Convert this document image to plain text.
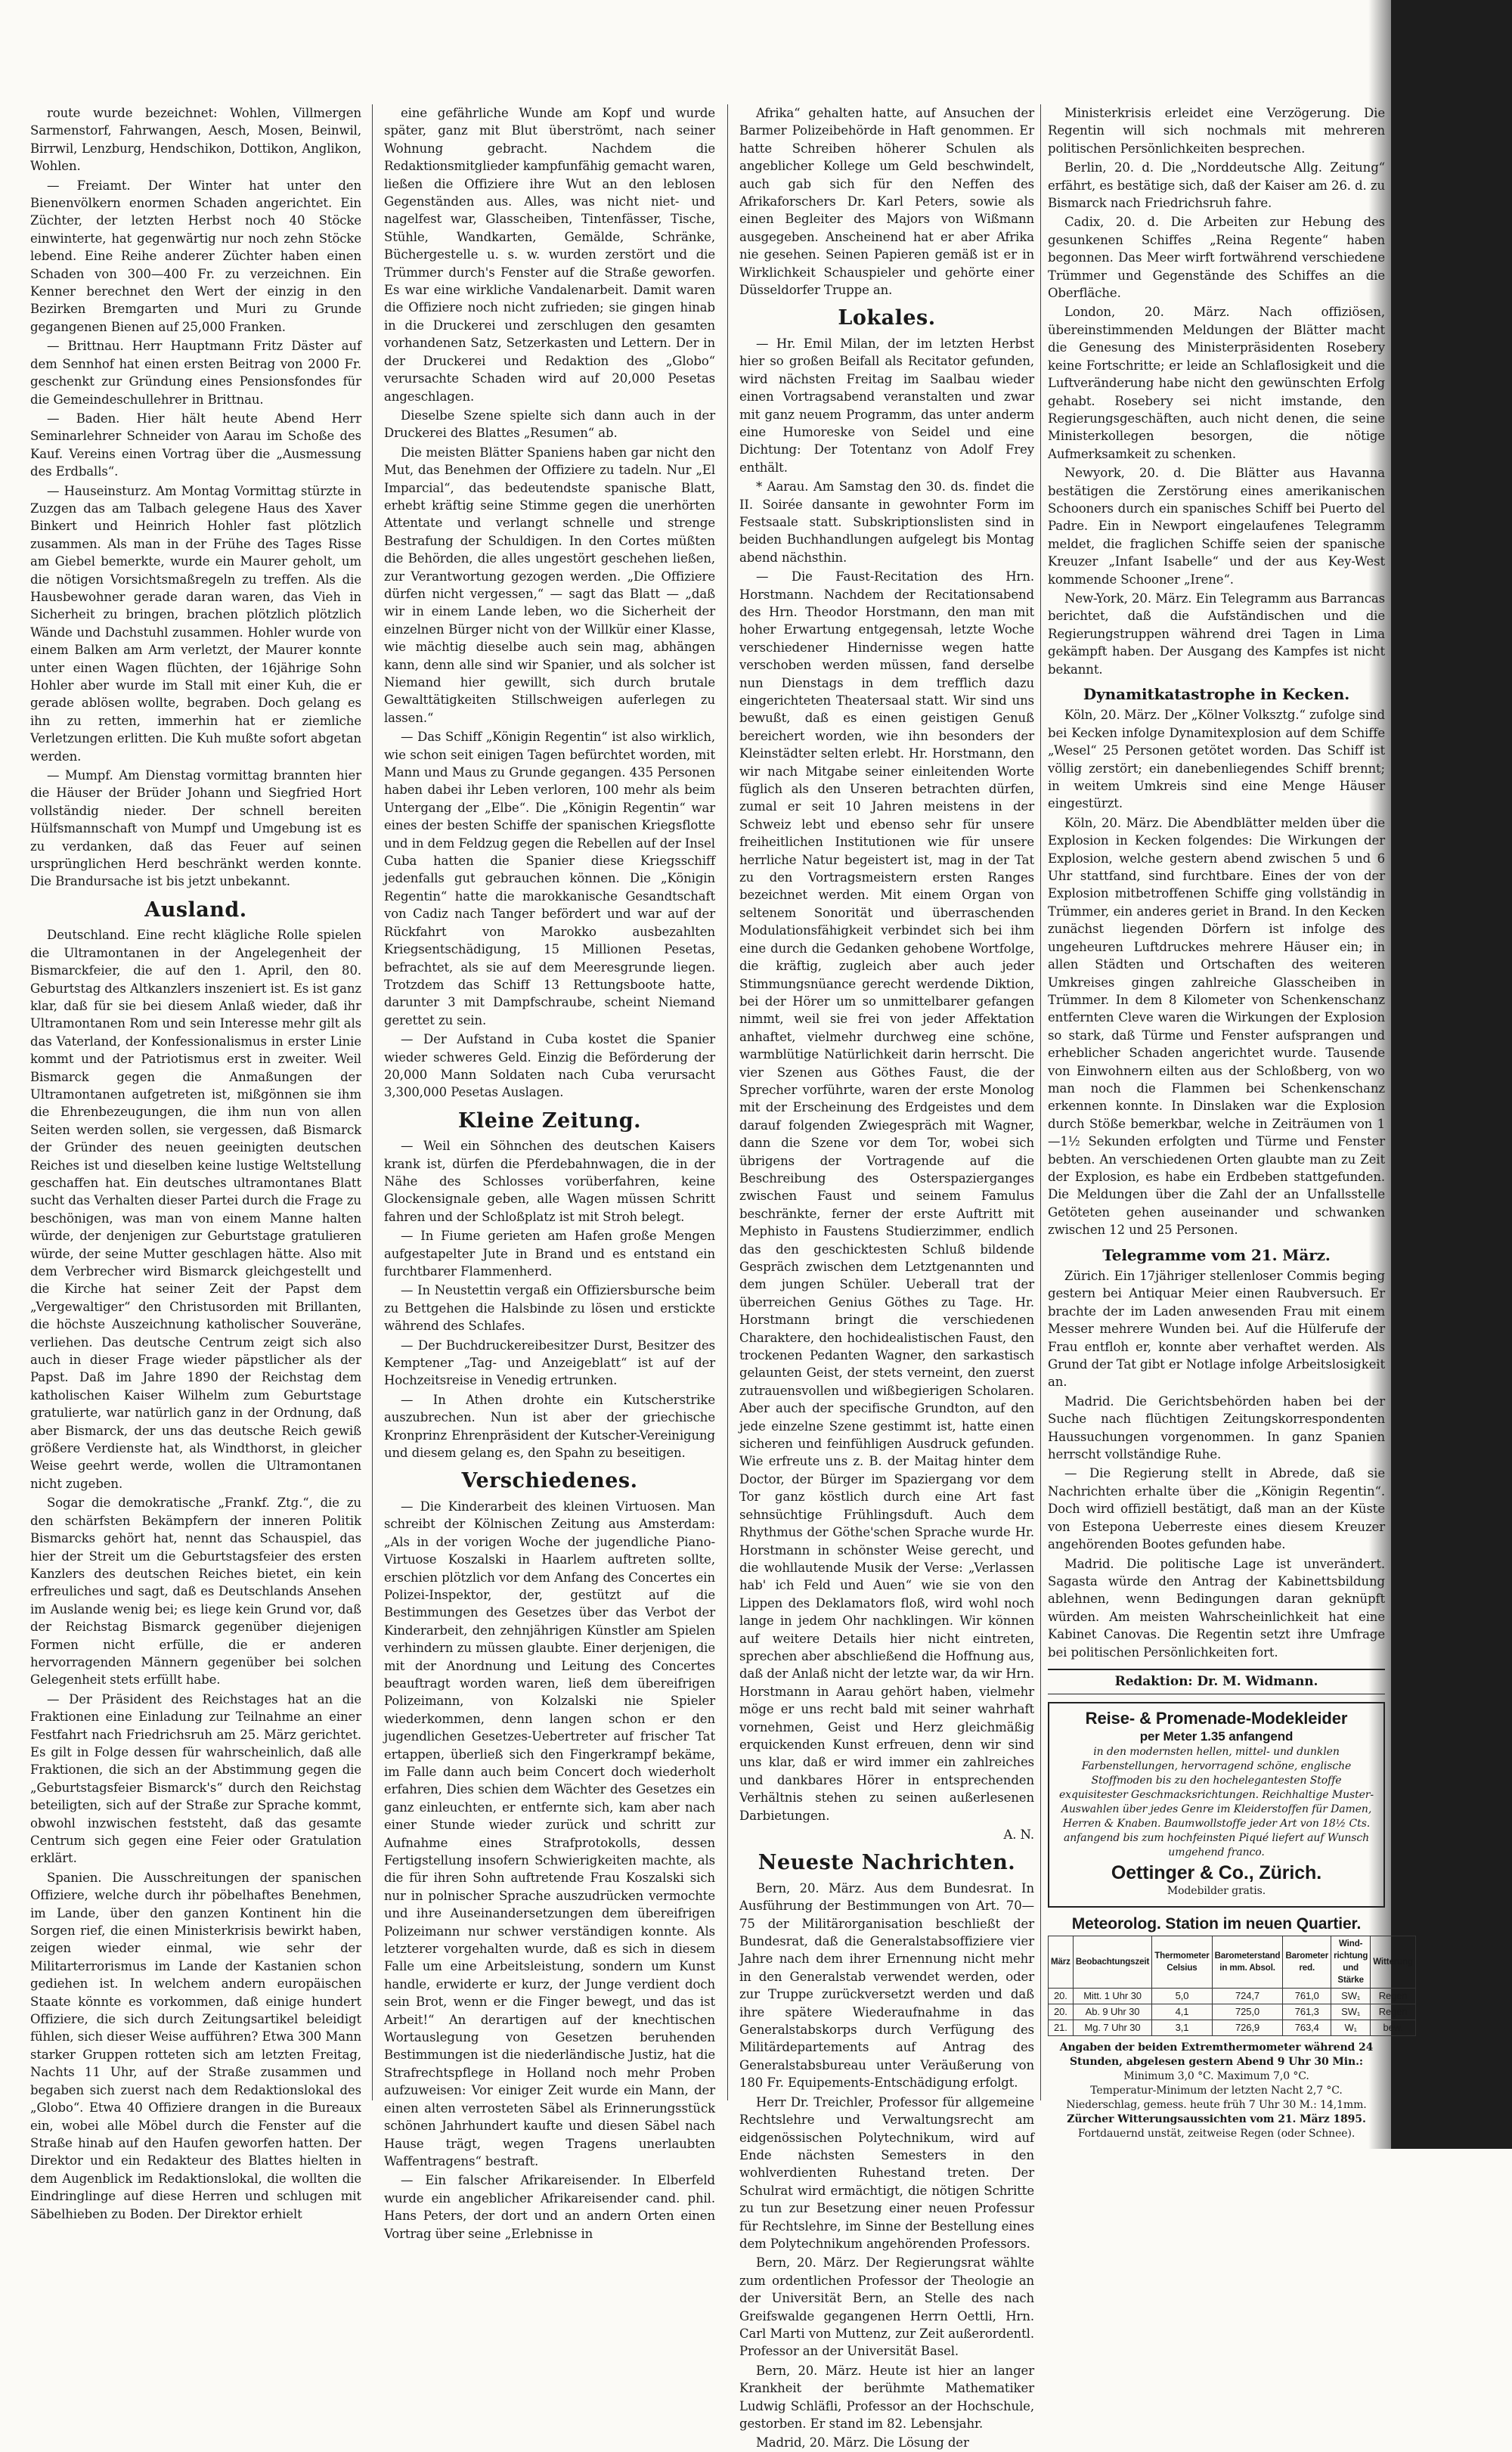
route wurde bezeichnet: Wohlen, Villmergen Sarmenstorf, Fahrwangen, Aesch, Mosen, Beinwil, Birrwil, Lenzburg, Hendschikon, Dottikon, Anglikon, Wohlen.

— Freiamt. Der Winter hat unter den Bienenvölkern enormen Schaden angerichtet. Ein Züchter, der letzten Herbst noch 40 Stöcke einwinterte, hat gegenwärtig nur noch zehn Stöcke lebend. Eine Reihe anderer Züchter haben einen Schaden von 300—400 Fr. zu verzeichnen. Ein Kenner berechnet den Wert der einzig in den Bezirken Bremgarten und Muri zu Grunde gegangenen Bienen auf 25,000 Franken.

— Brittnau. Herr Hauptmann Fritz Däster auf dem Sennhof hat einen ersten Beitrag von 2000 Fr. geschenkt zur Gründung eines Pensionsfondes für die Gemeindeschullehrer in Brittnau.

— Baden. Hier hält heute Abend Herr Seminarlehrer Schneider von Aarau im Schoße des Kauf. Vereins einen Vortrag über die „Ausmessung des Erdballs“.

— Hauseinsturz. Am Montag Vormittag stürzte in Zuzgen das am Talbach gelegene Haus des Xaver Binkert und Heinrich Hohler fast plötzlich zusammen. Als man in der Frühe des Tages Risse am Giebel bemerkte, wurde ein Maurer geholt, um die nötigen Vorsichtsmaßregeln zu treffen. Als die Hausbewohner gerade daran waren, das Vieh in Sicherheit zu bringen, brachen plötzlich plötzlich Wände und Dachstuhl zusammen. Hohler wurde von einem Balken am Arm verletzt, der Maurer konnte unter einen Wagen flüchten, der 16jährige Sohn Hohler aber wurde im Stall mit einer Kuh, die er gerade ablösen wollte, begraben. Doch gelang es ihn zu retten, immerhin hat er ziemliche Verletzungen erlitten. Die Kuh mußte sofort abgetan werden.

— Mumpf. Am Dienstag vormittag brannten hier die Häuser der Brüder Johann und Siegfried Hort vollständig nieder. Der schnell bereiten Hülfsmannschaft von Mumpf und Umgebung ist es zu verdanken, daß das Feuer auf seinen ursprünglichen Herd beschränkt werden konnte. Die Brandursache ist bis jetzt unbekannt.

Ausland.

Deutschland. Eine recht klägliche Rolle spielen die Ultramontanen in der Angelegenheit der Bismarckfeier, die auf den 1. April, den 80. Geburtstag des Altkanzlers inszeniert ist. Es ist ganz klar, daß für sie bei diesem Anlaß wieder, daß ihr Ultramontanen Rom und sein Interesse mehr gilt als das Vaterland, der Konfessionalismus in erster Linie kommt und der Patriotismus erst in zweiter. Weil Bismarck gegen die Anmaßungen der Ultramontanen aufgetreten ist, mißgönnen sie ihm die Ehrenbezeugungen, die ihm nun von allen Seiten werden sollen, sie vergessen, daß Bismarck der Gründer des neuen geeinigten deutschen Reiches ist und dieselben keine lustige Weltstellung geschaffen hat. Ein deutsches ultramontanes Blatt sucht das Verhalten dieser Partei durch die Frage zu beschönigen, was man von einem Manne halten würde, der denjenigen zur Geburtstage gratulieren würde, der seine Mutter geschlagen hätte. Also mit dem Verbrecher wird Bismarck gleichgestellt und die Kirche hat seiner Zeit der Papst dem „Vergewaltiger“ den Christusorden mit Brillanten, die höchste Auszeichnung katholischer Souveräne, verliehen. Das deutsche Centrum zeigt sich also auch in dieser Frage wieder päpstlicher als der Papst. Daß im Jahre 1890 der Reichstag dem katholischen Kaiser Wilhelm zum Geburtstage gratulierte, war natürlich ganz in der Ordnung, daß aber Bismarck, der uns das deutsche Reich gewiß größere Verdienste hat, als Windthorst, in gleicher Weise geehrt werde, wollen die Ultramontanen nicht zugeben.

Sogar die demokratische „Frankf. Ztg.“, die zu den schärfsten Bekämpfern der inneren Politik Bismarcks gehört hat, nennt das Schauspiel, das hier der Streit um die Geburtstagsfeier des ersten Kanzlers des deutschen Reiches bietet, ein kein erfreuliches und sagt, daß es Deutschlands Ansehen im Auslande wenig bei; es liege kein Grund vor, daß der Reichstag Bismarck gegenüber diejenigen Formen nicht erfülle, die er anderen hervorragenden Männern gegenüber bei solchen Gelegenheit stets erfüllt habe.

— Der Präsident des Reichstages hat an die Fraktionen eine Einladung zur Teilnahme an einer Festfahrt nach Friedrichsruh am 25. März gerichtet. Es gilt in Folge dessen für wahrscheinlich, daß alle Fraktionen, die sich an der Abstimmung gegen die „Geburtstagsfeier Bismarck's“ durch den Reichstag beteiligten, sich auf der Straße zur Sprache kommt, obwohl inzwischen feststeht, daß das gesamte Centrum sich gegen eine Feier oder Gratulation erklärt.

Spanien. Die Ausschreitungen der spanischen Offiziere, welche durch ihr pöbelhaftes Benehmen, im Lande, über den ganzen Kontinent hin die Sorgen rief, die einen Ministerkrisis bewirkt haben, zeigen wieder einmal, wie sehr der Militarterrorismus im Lande der Kastanien schon gediehen ist. In welchem andern europäischen Staate könnte es vorkommen, daß einige hundert Offiziere, die sich durch Zeitungsartikel beleidigt fühlen, sich dieser Weise aufführen? Etwa 300 Mann starker Gruppen rotteten sich am letzten Freitag, Nachts 11 Uhr, auf der Straße zusammen und begaben sich zuerst nach dem Redaktionslokal des „Globo“. Etwa 40 Offiziere drangen in die Bureaux ein, wobei alle Möbel durch die Fenster auf die Straße hinab auf den Haufen geworfen hatten. Der Direktor und ein Redakteur des Blattes hielten in dem Augenblick im Redaktionslokal, die wollten die Eindringlinge auf diese Herren und schlugen mit Säbelhieben zu Boden. Der Direktor erhielt

eine gefährliche Wunde am Kopf und wurde später, ganz mit Blut überströmt, nach seiner Wohnung gebracht. Nachdem die Redaktionsmitglieder kampfunfähig gemacht waren, ließen die Offiziere ihre Wut an den leblosen Gegenständen aus. Alles, was nicht niet- und nagelfest war, Glasscheiben, Tintenfässer, Tische, Stühle, Wandkarten, Gemälde, Schränke, Büchergestelle u. s. w. wurden zerstört und die Trümmer durch's Fenster auf die Straße geworfen. Es war eine wirkliche Vandalenarbeit. Damit waren die Offiziere noch nicht zufrieden; sie gingen hinab in die Druckerei und zerschlugen den gesamten vorhandenen Satz, Setzerkasten und Lettern. Der in der Druckerei und Redaktion des „Globo“ verursachte Schaden wird auf 20,000 Pesetas angeschlagen.

Dieselbe Szene spielte sich dann auch in der Druckerei des Blattes „Resumen“ ab.

Die meisten Blätter Spaniens haben gar nicht den Mut, das Benehmen der Offiziere zu tadeln. Nur „El Imparcial“, das bedeutendste spanische Blatt, erhebt kräftig seine Stimme gegen die unerhörten Attentate und verlangt schnelle und strenge Bestrafung der Schuldigen. In den Cortes müßten die Behörden, die alles ungestört geschehen ließen, zur Verantwortung gezogen werden. „Die Offiziere dürfen nicht vergessen,“ — sagt das Blatt — „daß wir in einem Lande leben, wo die Sicherheit der einzelnen Bürger nicht von der Willkür einer Klasse, wie mächtig dieselbe auch sein mag, abhängen kann, denn alle sind wir Spanier, und als solcher ist Niemand hier gewillt, sich durch brutale Gewalttätigkeiten Stillschweigen auferlegen zu lassen.“

— Das Schiff „Königin Regentin“ ist also wirklich, wie schon seit einigen Tagen befürchtet worden, mit Mann und Maus zu Grunde gegangen. 435 Personen haben dabei ihr Leben verloren, 100 mehr als beim Untergang der „Elbe“. Die „Königin Regentin“ war eines der besten Schiffe der spanischen Kriegsflotte und in dem Feldzug gegen die Rebellen auf der Insel Cuba hatten die Spanier diese Kriegsschiff jedenfalls gut gebrauchen können. Die „Königin Regentin“ hatte die marokkanische Gesandtschaft von Cadiz nach Tanger befördert und war auf der Rückfahrt von Marokko ausbezahlten Kriegsentschädigung, 15 Millionen Pesetas, befrachtet, als sie auf dem Meeresgrunde liegen. Trotzdem das Schiff 13 Rettungsboote hatte, darunter 3 mit Dampfschraube, scheint Niemand gerettet zu sein.

— Der Aufstand in Cuba kostet die Spanier wieder schweres Geld. Einzig die Beförderung der 20,000 Mann Soldaten nach Cuba verursacht 3,300,000 Pesetas Auslagen.

Kleine Zeitung.

— Weil ein Söhnchen des deutschen Kaisers krank ist, dürfen die Pferdebahnwagen, die in der Nähe des Schlosses vorüberfahren, keine Glockensignale geben, alle Wagen müssen Schritt fahren und der Schloßplatz ist mit Stroh belegt.

— In Fiume gerieten am Hafen große Mengen aufgestapelter Jute in Brand und es entstand ein furchtbarer Flammenherd.

— In Neustettin vergaß ein Offiziersbursche beim zu Bettgehen die Halsbinde zu lösen und erstickte während des Schlafes.

— Der Buchdruckereibesitzer Durst, Besitzer des Kemptener „Tag- und Anzeigeblatt“ ist auf der Hochzeitsreise in Venedig ertrunken.

— In Athen drohte ein Kutscherstrike auszubrechen. Nun ist aber der griechische Kronprinz Ehrenpräsident der Kutscher-Vereinigung und diesem gelang es, den Spahn zu beseitigen.

Verschiedenes.

— Die Kinderarbeit des kleinen Virtuosen. Man schreibt der Kölnischen Zeitung aus Amsterdam: „Als in der vorigen Woche der jugendliche Piano-Virtuose Koszalski in Haarlem auftreten sollte, erschien plötzlich vor dem Anfang des Concertes ein Polizei-Inspektor, der, gestützt auf die Bestimmungen des Gesetzes über das Verbot der Kinderarbeit, den zehnjährigen Künstler am Spielen verhindern zu müssen glaubte. Einer derjenigen, die mit der Anordnung und Leitung des Concertes beauftragt worden waren, ließ dem übereifrigen Polizeimann, von Kolzalski nie Spieler wiederkommen, denn langen schon er den jugendlichen Gesetzes-Uebertreter auf frischer Tat ertappen, überließ sich den Fingerkrampf bekäme, im Falle dann auch beim Concert doch wiederholt erfahren, Dies schien dem Wächter des Gesetzes ein ganz einleuchten, er entfernte sich, kam aber nach einer Stunde wieder zurück und schritt zur Aufnahme eines Strafprotokolls, dessen Fertigstellung insofern Schwierigkeiten machte, als die für ihren Sohn auftretende Frau Koszalski sich nur in polnischer Sprache auszudrücken vermochte und ihre Auseinandersetzungen dem übereifrigen Polizeimann nur schwer verständigen konnte. Als letzterer vorgehalten wurde, daß es sich in diesem Falle um eine Arbeitsleistung, sondern um Kunst handle, erwiderte er kurz, der Junge verdient doch sein Brot, wenn er die Finger bewegt, und das ist Arbeit!“ An derartigen auf der knechtischen Wortauslegung von Gesetzen beruhenden Bestimmungen ist die niederländische Justiz, hat die Strafrechtspflege in Holland noch mehr Proben aufzuweisen: Vor einiger Zeit wurde ein Mann, der einen alten verrosteten Säbel als Erinnerungsstück schönen Jahrhundert kaufte und diesen Säbel nach Hause trägt, wegen Tragens unerlaubten Waffentragens“ bestraft.

— Ein falscher Afrikareisender. In Elberfeld wurde ein angeblicher Afrikareisender cand. phil. Hans Peters, der dort und an andern Orten einen Vortrag über seine „Erlebnisse in

Afrika“ gehalten hatte, auf Ansuchen der Barmer Polizeibehörde in Haft genommen. Er hatte Schreiben höherer Schulen als angeblicher Kollege um Geld beschwindelt, auch gab sich für den Neffen des Afrikaforschers Dr. Karl Peters, sowie als einen Begleiter des Majors von Wißmann ausgegeben. Anscheinend hat er aber Afrika nie gesehen. Seinen Papieren gemäß ist er in Wirklichkeit Schauspieler und gehörte einer Düsseldorfer Truppe an.

Lokales.

— Hr. Emil Milan, der im letzten Herbst hier so großen Beifall als Recitator gefunden, wird nächsten Freitag im Saalbau wieder einen Vortragsabend veranstalten und zwar mit ganz neuem Programm, das unter anderm eine Humoreske von Seidel und eine Dichtung: Der Totentanz von Adolf Frey enthält.

* Aarau. Am Samstag den 30. ds. findet die II. Soirée dansante in gewohnter Form im Festsaale statt. Subskriptionslisten sind in beiden Buchhandlungen aufgelegt bis Montag abend nächsthin.

— Die Faust-Recitation des Hrn. Horstmann. Nachdem der Recitationsabend des Hrn. Theodor Horstmann, den man mit hoher Erwartung entgegensah, letzte Woche verschiedener Hindernisse wegen hatte verschoben werden müssen, fand derselbe nun Dienstags in dem trefflich dazu eingerichteten Theatersaal statt. Wir sind uns bewußt, daß es einen geistigen Genuß bereichert worden, wie ihn besonders der Kleinstädter selten erlebt. Hr. Horstmann, den wir nach Mitgabe seiner einleitenden Worte füglich als den Unseren betrachten dürfen, zumal er seit 10 Jahren meistens in der Schweiz lebt und ebenso sehr für unsere freiheitlichen Institutionen wie für unsere herrliche Natur begeistert ist, mag in der Tat zu den Vortragsmeistern ersten Ranges bezeichnet werden. Mit einem Organ von seltenem Sonorität und überraschenden Modulationsfähigkeit verbindet sich bei ihm eine durch die Gedanken gehobene Wortfolge, die kräftig, zugleich aber auch jeder Stimmungsnüance gerecht werdende Diktion, bei der Hörer um so unmittelbarer gefangen nimmt, weil sie frei von jeder Affektation anhaftet, vielmehr durchweg eine schöne, warmblütige Natürlichkeit darin herrscht. Die vier Szenen aus Göthes Faust, die der Sprecher vorführte, waren der erste Monolog mit der Erscheinung des Erdgeistes und dem darauf folgenden Zwiegespräch mit Wagner, dann die Szene vor dem Tor, wobei sich übrigens der Vortragende auf die Beschreibung des Osterspazierganges zwischen Faust und seinem Famulus beschränkte, ferner der erste Auftritt mit Mephisto in Faustens Studierzimmer, endlich das den geschicktesten Schluß bildende Gespräch zwischen dem Letztgenannten und dem jungen Schüler. Ueberall trat der überreichen Genius Göthes zu Tage. Hr. Horstmann bringt die verschiedenen Charaktere, den hochidealistischen Faust, den trockenen Pedanten Wagner, den sarkastisch gelaunten Geist, der stets verneint, den zuerst zutrauensvollen und wißbegierigen Scholaren. Aber auch der specifische Grundton, auf den jede einzelne Szene gestimmt ist, hatte einen sicheren und feinfühligen Ausdruck gefunden. Wie erfreute uns z. B. der Maitag hinter dem Doctor, der Bürger im Spaziergang vor dem Tor ganz köstlich durch eine Art fast sehnsüchtige Frühlingsduft. Auch dem Rhythmus der Göthe'schen Sprache wurde Hr. Horstmann in schönster Weise gerecht, und die wohllautende Musik der Verse: „Verlassen hab' ich Feld und Auen“ wie sie von den Lippen des Deklamators floß, wird wohl noch lange in jedem Ohr nachklingen. Wir können auf weitere Details hier nicht eintreten, sprechen aber abschließend die Hoffnung aus, daß der Anlaß nicht der letzte war, da wir Hrn. Horstmann in Aarau gehört haben, vielmehr möge er uns recht bald mit seiner wahrhaft vornehmen, Geist und Herz gleichmäßig erquickenden Kunst erfreuen, denn wir sind uns klar, daß er wird immer ein zahlreiches und dankbares Hörer in entsprechenden Verhältnis stehen zu seinen außerlesenen Darbietungen.

A. N.

Neueste Nachrichten.

Bern, 20. März. Aus dem Bundesrat. In Ausführung der Bestimmungen von Art. 70—75 der Militärorganisation beschließt der Bundesrat, daß die Generalstabsoffiziere vier Jahre nach dem ihrer Ernennung nicht mehr in den Generalstab verwendet werden, oder zur Truppe zurückversetzt werden und daß ihre spätere Wiederaufnahme in das Generalstabskorps durch Verfügung des Militärdepartements auf Antrag des Generalstabsbureau unter Veräußerung von 180 Fr. Equipements-Entschädigung erfolgt.

Herr Dr. Treichler, Professor für allgemeine Rechtslehre und Verwaltungsrecht am eidgenössischen Polytechnikum, wird auf Ende nächsten Semesters in den wohlverdienten Ruhestand treten. Der Schulrat wird ermächtigt, die nötigen Schritte zu tun zur Besetzung einer neuen Professur für Rechtslehre, im Sinne der Bestellung eines dem Polytechnikum angehörenden Professors.

Bern, 20. März. Der Regierungsrat wählte zum ordentlichen Professor der Theologie an der Universität Bern, an Stelle des nach Greifswalde gegangenen Herrn Oettli, Hrn. Carl Marti von Muttenz, zur Zeit außerordentl. Professor an der Universität Basel.

Bern, 20. März. Heute ist hier an langer Krankheit der berühmte Mathematiker Ludwig Schläfli, Professor an der Hochschule, gestorben. Er stand im 82. Lebensjahr.

Madrid, 20. März. Die Lösung der

Ministerkrisis erleidet eine Verzögerung. Die Regentin will sich nochmals mit mehreren politischen Persönlichkeiten besprechen.

Berlin, 20. d. Die „Norddeutsche Allg. Zeitung“ erfährt, es bestätige sich, daß der Kaiser am 26. d. zu Bismarck nach Friedrichsruh fahre.

Cadix, 20. d. Die Arbeiten zur Hebung des gesunkenen Schiffes „Reina Regente“ haben begonnen. Das Meer wirft fortwährend verschiedene Trümmer und Gegenstände des Schiffes an die Oberfläche.

London, 20. März. Nach offiziösen, übereinstimmenden Meldungen der Blätter macht die Genesung des Ministerpräsidenten Rosebery keine Fortschritte; er leide an Schlaflosigkeit und die Luftveränderung habe nicht den gewünschten Erfolg gehabt. Rosebery sei nicht imstande, den Regierungsgeschäften, auch nicht denen, die seine Ministerkollegen besorgen, die nötige Aufmerksamkeit zu schenken.

Newyork, 20. d. Die Blätter aus Havanna bestätigen die Zerstörung eines amerikanischen Schooners durch ein spanisches Schiff bei Puerto del Padre. Ein in Newport eingelaufenes Telegramm meldet, die fraglichen Schiffe seien der spanische Kreuzer „Infant Isabelle“ und der aus Key-West kommende Schooner „Irene“.

New-York, 20. März. Ein Telegramm aus Barrancas berichtet, daß die Aufständischen und die Regierungstruppen während drei Tagen in Lima gekämpft haben. Der Ausgang des Kampfes ist nicht bekannt.

Dynamitkatastrophe in Kecken.

Köln, 20. März. Der „Kölner Volksztg.“ zufolge sind bei Kecken infolge Dynamitexplosion auf dem Schiffe „Wesel“ 25 Personen getötet worden. Das Schiff ist völlig zerstört; ein danebenliegendes Schiff brennt; in weitem Umkreis sind eine Menge Häuser eingestürzt.

Köln, 20. März. Die Abendblätter melden über die Explosion in Kecken folgendes: Die Wirkungen der Explosion, welche gestern abend zwischen 5 und 6 Uhr stattfand, sind furchtbare. Eines der von der Explosion mitbetroffenen Schiffe ging vollständig in Trümmer, ein anderes geriet in Brand. In den Kecken zunächst liegenden Dörfern ist infolge des ungeheuren Luftdruckes mehrere Häuser ein; in allen Städten und Ortschaften des weiteren Umkreises gingen zahlreiche Glasscheiben in Trümmer. In dem 8 Kilometer von Schenkenschanz entfernten Cleve waren die Wirkungen der Explosion so stark, daß Türme und Fenster aufsprangen und erheblicher Schaden angerichtet wurde. Tausende von Einwohnern eilten aus der Schloßberg, von wo man noch die Flammen bei Schenkenschanz erkennen konnte. In Dinslaken war die Explosion durch Stöße bemerkbar, welche in Zeiträumen von 1—1½ Sekunden erfolgten und Türme und Fenster bebten. An verschiedenen Orten glaubte man zu Zeit der Explosion, es habe ein Erdbeben stattgefunden. Die Meldungen über die Zahl der an Unfallsstelle Getöteten gehen auseinander und schwanken zwischen 12 und 25 Personen.

Telegramme vom 21. März.

Zürich. Ein 17jähriger stellenloser Commis beging gestern bei Antiquar Meier einen Raubversuch. Er brachte der im Laden anwesenden Frau mit einem Messer mehrere Wunden bei. Auf die Hülferufe der Frau entfloh er, konnte aber verhaftet werden. Als Grund der Tat gibt er Notlage infolge Arbeitslosigkeit an.

Madrid. Die Gerichtsbehörden haben bei der Suche nach flüchtigen Zeitungskorrespondenten Haussuchungen vorgenommen. In ganz Spanien herrscht vollständige Ruhe.

— Die Regierung stellt in Abrede, daß sie Nachrichten erhalte über die „Königin Regentin“. Doch wird offiziell bestätigt, daß man an der Küste von Estepona Ueberreste eines diesem Kreuzer angehörenden Bootes gefunden habe.

Madrid. Die politische Lage ist unverändert. Sagasta würde den Antrag der Kabinettsbildung ablehnen, wenn Bedingungen daran geknüpft würden. Am meisten Wahrscheinlichkeit hat eine Kabinet Canovas. Die Regentin setzt ihre Umfrage bei politischen Persönlichkeiten fort.

Redaktion: Dr. M. Widmann.
Reise- & Promenade-Modekleider
per Meter 1.35 anfangend
in den modernsten hellen, mittel- und dunklen Farbenstellungen, hervorragend schöne, englische Stoffmoden bis zu den hochelegantesten Stoffe exquisitester Geschmacksrichtungen. Reichhaltige Muster-Auswahlen über jedes Genre im Kleiderstoffen für Damen, Herren & Knaben. Baumwollstoffe jeder Art von 18½ Cts. anfangend bis zum hochfeinsten Piqué liefert auf Wunsch umgehend franco.
Oettinger & Co., Zürich.
Modebilder gratis.
Meteorolog. Station im neuen Quartier.
März	Beobachtungszeit	Thermometer Celsius	Barometerstand in mm. Absol.	Barometer red.	Wind-richtung und Stärke	Witterung
20.	Mitt. 1 Uhr 30	5,0	724,7	761,0	SW₁	Regen
20.	Ab. 9 Uhr 30	4,1	725,0	761,3	SW₁	Regen
21.	Mg. 7 Uhr 30	3,1	726,9	763,4	W₁	bew.
Angaben der beiden Extremthermometer während 24 Stunden, abgelesen gestern Abend 9 Uhr 30 Min.:
Minimum 3,0 °C. Maximum 7,0 °C.
Temperatur-Minimum der letzten Nacht 2,7 °C.
Niederschlag, gemess. heute früh 7 Uhr 30 M.: 14,1mm.
Zürcher Witterungsaussichten vom 21. März 1895.
Fortdauernd unstät, zeitweise Regen (oder Schnee).
